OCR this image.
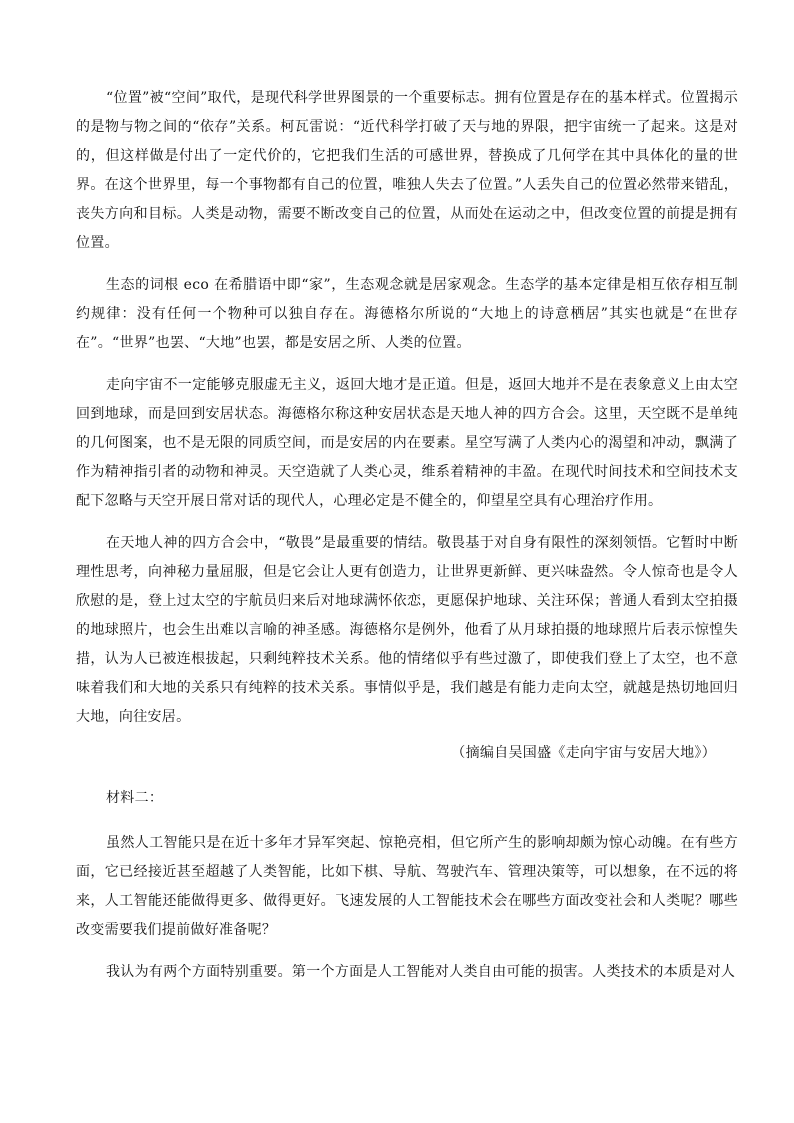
“位置”被“空间”取代，是现代科学世界图景的一个重要标志。拥有位置是存在的基本样式。位置揭示的是物与物之间的“依存”关系。柯瓦雷说：“近代科学打破了天与地的界限，把宇宙统一了起来。这是对的，但这样做是付出了一定代价的，它把我们生活的可感世界，替换成了几何学在其中具体化的量的世界。在这个世界里，每一个事物都有自己的位置，唯独人失去了位置。”人丢失自己的位置必然带来错乱，丧失方向和目标。人类是动物，需要不断改变自己的位置，从而处在运动之中，但改变位置的前提是拥有位置。

生态的词根 eco 在希腊语中即“家”，生态观念就是居家观念。生态学的基本定律是相互依存相互制约规律：没有任何一个物种可以独自存在。海德格尔所说的“大地上的诗意栖居”其实也就是“在世存在”。“世界”也罢、“大地”也罢，都是安居之所、人类的位置。

走向宇宙不一定能够克服虚无主义，返回大地才是正道。但是，返回大地并不是在表象意义上由太空回到地球，而是回到安居状态。海德格尔称这种安居状态是天地人神的四方合会。这里，天空既不是单纯的几何图案，也不是无限的同质空间，而是安居的内在要素。星空写满了人类内心的渴望和冲动，飘满了作为精神指引者的动物和神灵。天空造就了人类心灵，维系着精神的丰盈。在现代时间技术和空间技术支配下忽略与天空开展日常对话的现代人，心理必定是不健全的，仰望星空具有心理治疗作用。

在天地人神的四方合会中，“敬畏”是最重要的情结。敬畏基于对自身有限性的深刻领悟。它暂时中断理性思考，向神秘力量屈服，但是它会让人更有创造力，让世界更新鲜、更兴味盎然。令人惊奇也是令人欣慰的是，登上过太空的宇航员归来后对地球满怀依恋，更愿保护地球、关注环保；普通人看到太空拍摄的地球照片，也会生出难以言喻的神圣感。海德格尔是例外，他看了从月球拍摄的地球照片后表示惊惶失措，认为人已被连根拔起，只剩纯粹技术关系。他的情绪似乎有些过激了，即使我们登上了太空，也不意味着我们和大地的关系只有纯粹的技术关系。事情似乎是，我们越是有能力走向太空，就越是热切地回归大地，向往安居。

（摘编自吴国盛《走向宇宙与安居大地》）

材料二：

虽然人工智能只是在近十多年才异军突起、惊艳亮相，但它所产生的影响却颇为惊心动魄。在有些方面，它已经接近甚至超越了人类智能，比如下棋、导航、驾驶汽车、管理决策等，可以想象，在不远的将来，人工智能还能做得更多、做得更好。飞速发展的人工智能技术会在哪些方面改变社会和人类呢？哪些改变需要我们提前做好准备呢？

我认为有两个方面特别重要。第一个方面是人工智能对人类自由可能的损害。人类技术的本质是对人
